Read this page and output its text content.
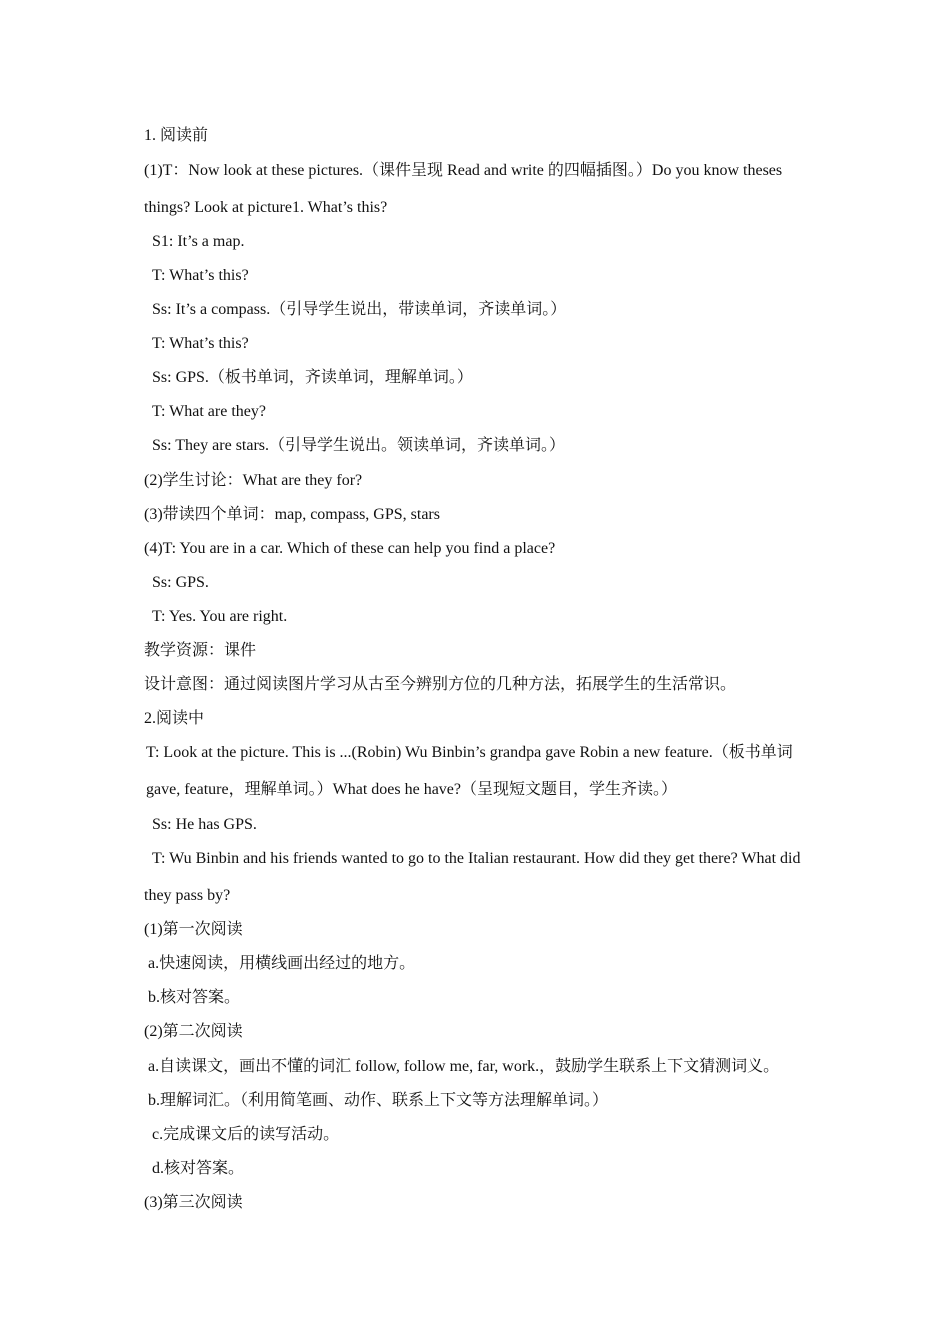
1. 阅读前
(1)T：Now look at these pictures.（课件呈现 Read and write 的四幅插图。）Do you know theses things? Look at picture1. What’s this?
S1: It’s a map.
T: What’s this?
Ss: It’s a compass.（引导学生说出，带读单词，齐读单词。）
T: What’s this?
Ss: GPS.（板书单词，齐读单词，理解单词。）
T: What are they?
Ss: They are stars.（引导学生说出。领读单词，齐读单词。）
(2)学生讨论：What are they for?
(3)带读四个单词：map, compass, GPS, stars
(4)T: You are in a car. Which of these can help you find a place?
Ss: GPS.
T: Yes. You are right.
教学资源：课件
设计意图：通过阅读图片学习从古至今辨别方位的几种方法，拓展学生的生活常识。
2.阅读中
T: Look at the picture. This is ...(Robin) Wu Binbin’s grandpa gave Robin a new feature.（板书单词 gave, feature，理解单词。）What does he have?（呈现短文题目，学生齐读。）
Ss: He has GPS.
T: Wu Binbin and his friends wanted to go to the Italian restaurant. How did they get there? What did they pass by?
(1)第一次阅读
a.快速阅读，用横线画出经过的地方。
b.核对答案。
(2)第二次阅读
a.自读课文，画出不懂的词汇 follow, follow me, far, work.，鼓励学生联系上下文猜测词义。
b.理解词汇。（利用简笔画、动作、联系上下文等方法理解单词。）
c.完成课文后的读写活动。
d.核对答案。
(3)第三次阅读
